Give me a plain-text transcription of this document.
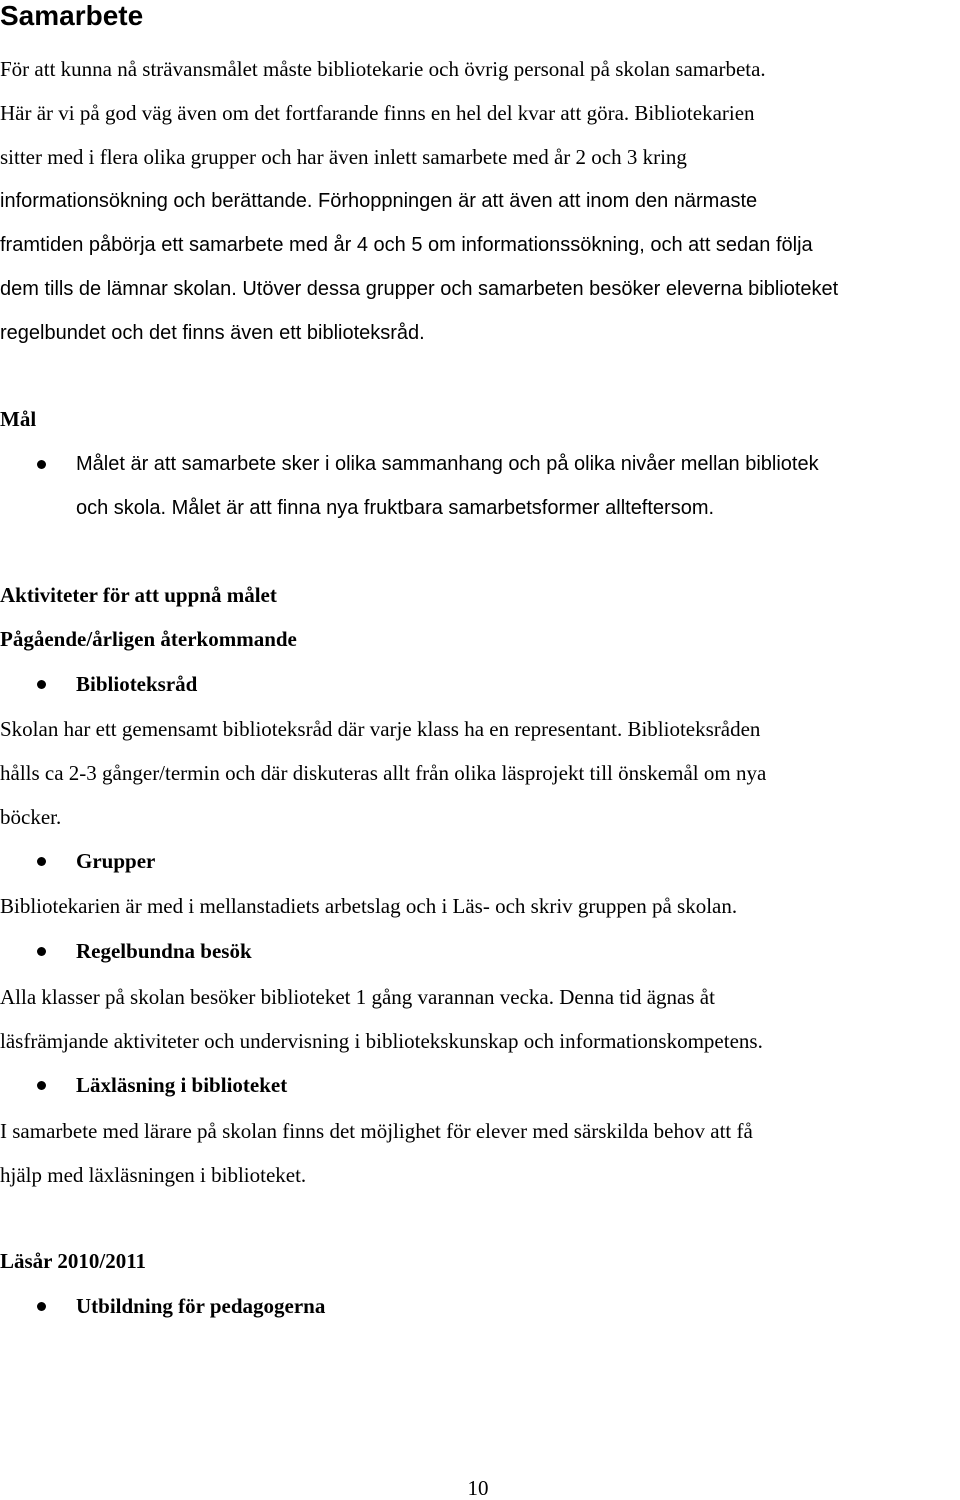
Samarbete
För att kunna nå strävansmålet måste bibliotekarie och övrig personal på skolan samarbeta.
Här är vi på god väg även om det fortfarande finns en hel del kvar att göra. Bibliotekarien
sitter med i flera olika grupper och har även inlett samarbete med år 2 och 3 kring
informationsökning och berättande. Förhoppningen är att även att inom den närmaste
framtiden påbörja ett samarbete med år 4 och 5 om informationssökning, och att sedan följa
dem tills de lämnar skolan. Utöver dessa grupper och samarbeten besöker eleverna biblioteket
regelbundet och det finns även ett biblioteksråd.
Mål
Målet är att samarbete sker i olika sammanhang och på olika nivåer mellan bibliotek
och skola. Målet är att finna nya fruktbara samarbetsformer allteftersom.
Aktiviteter för att uppnå målet
Pågående/årligen återkommande
Biblioteksråd
Skolan har ett gemensamt biblioteksråd där varje klass ha en representant. Biblioteksråden
hålls ca 2-3 gånger/termin och där diskuteras allt från olika läsprojekt till önskemål om nya
böcker.
Grupper
Bibliotekarien är med i mellanstadiets arbetslag och i Läs- och skriv gruppen på skolan.
Regelbundna besök
Alla klasser på skolan besöker biblioteket 1 gång varannan vecka. Denna tid ägnas åt
läsfrämjande aktiviteter och undervisning i bibliotekskunskap och informationskompetens.
Läxläsning i biblioteket
I samarbete med lärare på skolan finns det möjlighet för elever med särskilda behov att få
hjälp med läxläsningen i biblioteket.
Läsår 2010/2011
Utbildning för pedagogerna
10
